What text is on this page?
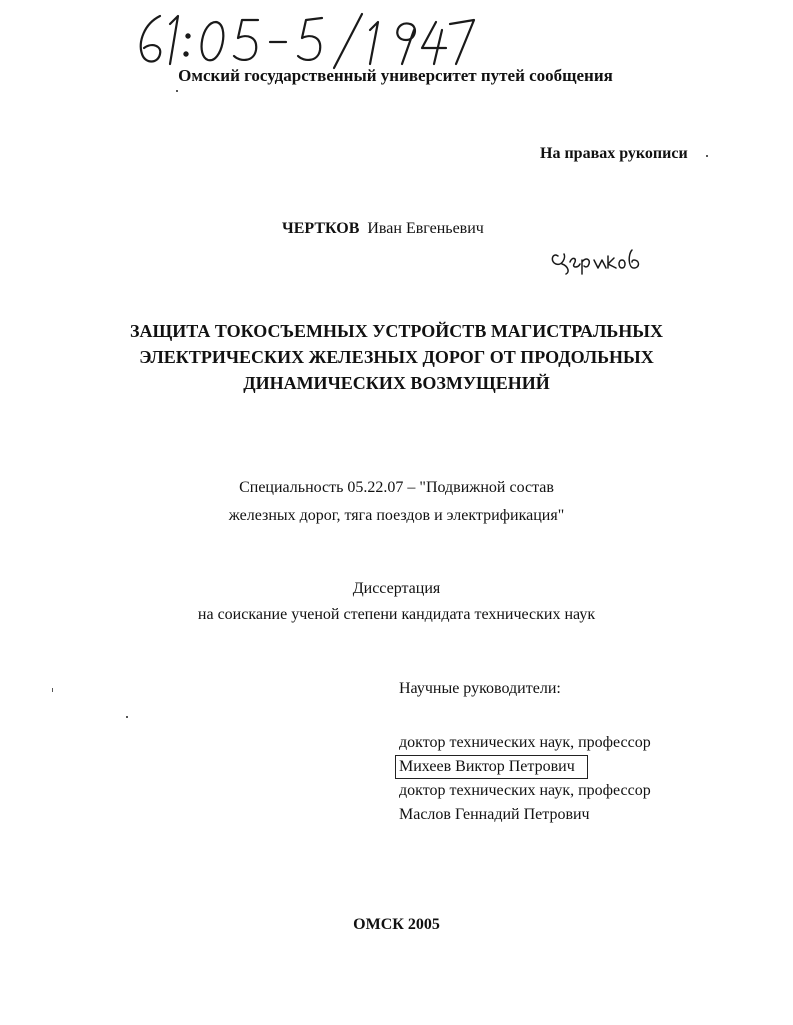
Омский государственный университет путей сообщения
На правах рукописи
ЧЕРТКОВ Иван Евгеньевич
ЗАЩИТА ТОКОСЪЕМНЫХ УСТРОЙСТВ МАГИСТРАЛЬНЫХ
ЭЛЕКТРИЧЕСКИХ ЖЕЛЕЗНЫХ ДОРОГ ОТ ПРОДОЛЬНЫХ
ДИНАМИЧЕСКИХ ВОЗМУЩЕНИЙ
Специальность 05.22.07 – "Подвижной состав
железных дорог, тяга поездов и электрификация"
Диссертация
на соискание ученой степени кандидата технических наук
Научные руководители:
доктор технических наук, профессор
Михеев Виктор Петрович
доктор технических наук, профессор
Маслов Геннадий Петрович
ОМСК 2005
